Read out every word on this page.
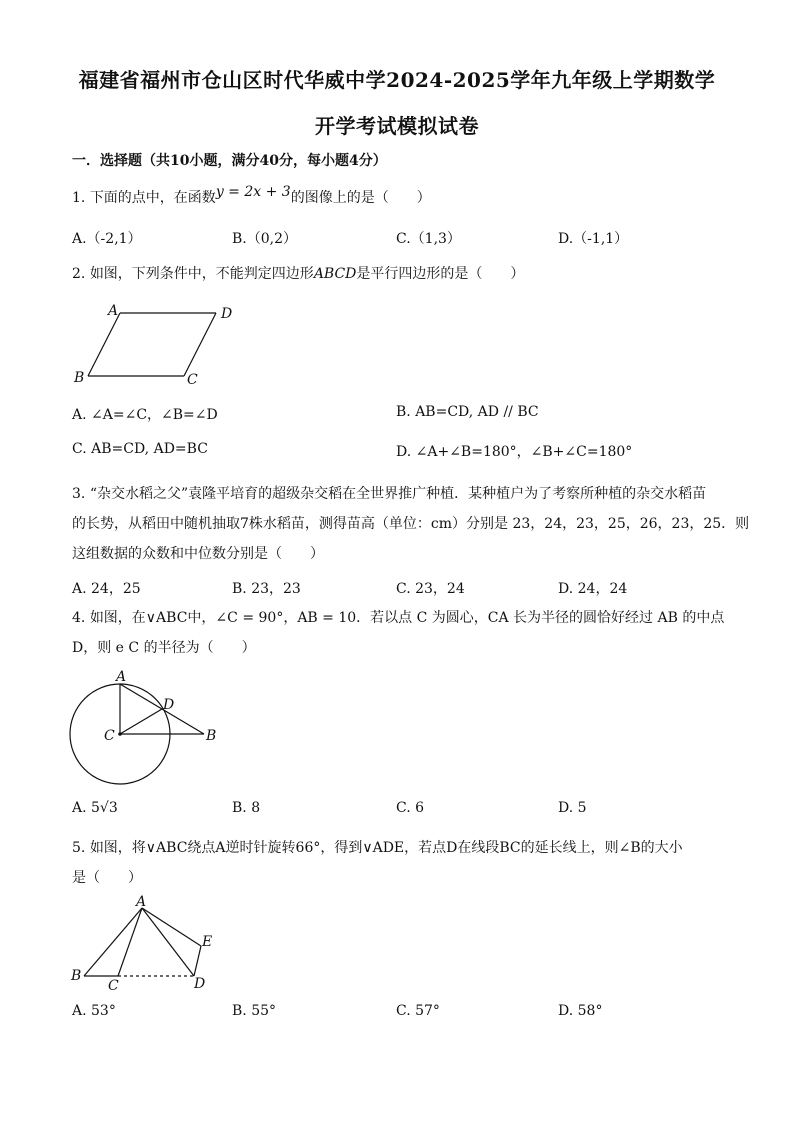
福建省福州市仓山区时代华威中学2024-2025学年九年级上学期数学
开学考试模拟试卷
一．选择题（共10小题，满分40分，每小题4分）
1. 下面的点中，在函数y = 2x + 3的图像上的是（　　）
A.（-2,1）	B.（0,2）	C.（1,3）	D.（-1,1）
2. 如图，下列条件中，不能判定四边形ABCD是平行四边形的是（　　）
A	D
B	C
A. ∠A=∠C，∠B=∠D	B. AB=CD, AD // BC
C. AB=CD, AD=BC	D. ∠A+∠B=180°，∠B+∠C=180°
3. “杂交水稻之父”袁隆平培育的超级杂交稻在全世界推广种植．某种植户为了考察所种植的杂交水稻苗
的长势，从稻田中随机抽取7株水稻苗，测得苗高（单位：cm）分别是 23，24，23，25，26，23，25．则
这组数据的众数和中位数分别是（　　）
A. 24，25	B. 23，23	C. 23，24	D. 24，24
4. 如图，在∨ABC中，∠C = 90°，AB = 10．若以点 C 为圆心，CA 长为半径的圆恰好经过 AB 的中点
D，则 e C 的半径为（　　）
A
D
C	B
A. 5√3	B. 8	C. 6	D. 5
5. 如图，将∨ABC绕点A逆时针旋转66°，得到∨ADE，若点D在线段BC的延长线上，则∠B的大小
是（　　）
A
E
B
C	D
A. 53°	B. 55°	C. 57°	D. 58°
